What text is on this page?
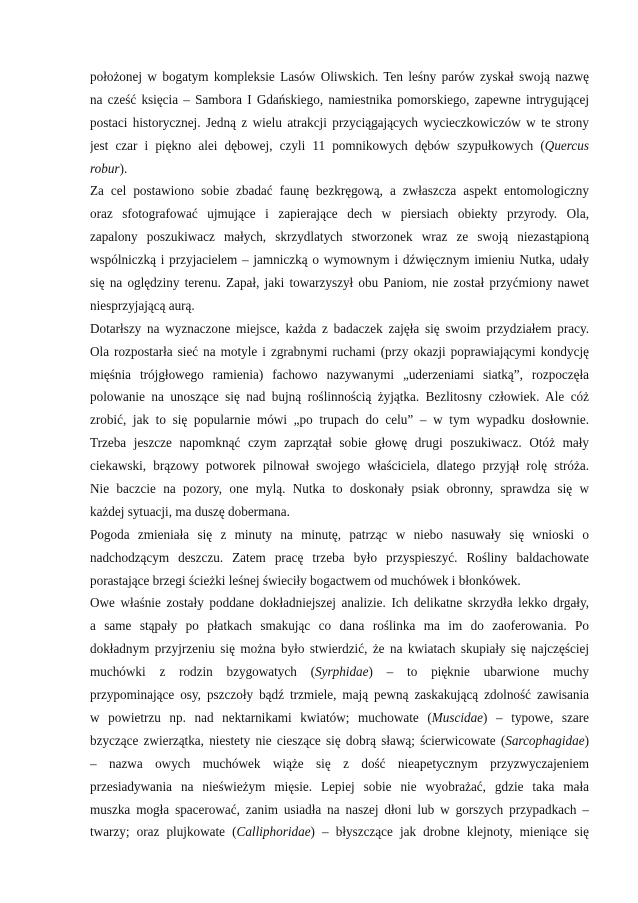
położonej w bogatym kompleksie Lasów Oliwskich. Ten leśny parów zyskał swoją nazwę
na cześć księcia – Sambora I Gdańskiego, namiestnika pomorskiego, zapewne intrygującej
postaci historycznej. Jedną z wielu atrakcji przyciągających wycieczkowiczów w te strony
jest czar i piękno alei dębowej, czyli 11 pomnikowych dębów szypułkowych (Quercus
robur).
Za cel postawiono sobie zbadać faunę bezkręgową, a zwłaszcza aspekt entomologiczny
oraz sfotografować ujmujące i zapierające dech w piersiach obiekty przyrody. Ola,
zapalony poszukiwacz małych, skrzydlatych stworzonek wraz ze swoją niezastąpioną
wspólniczką i przyjacielem – jamniczką o wymownym i dźwięcznym imieniu Nutka, udały
się na oględziny terenu. Zapał, jaki towarzyszył obu Paniom, nie został przyćmiony nawet
niesprzyjającą aurą.
Dotarłszy na wyznaczone miejsce, każda z badaczek zajęła się swoim przydziałem pracy.
Ola rozpostarła sieć na motyle i zgrabnymi ruchami (przy okazji poprawiającymi kondycję
mięśnia trójgłowego ramienia) fachowo nazywanymi „uderzeniami siatką”, rozpoczęła
polowanie na unoszące się nad bujną roślinnością żyjątka. Bezlitosny człowiek. Ale cóż
zrobić, jak to się popularnie mówi „po trupach do celu” – w tym wypadku dosłownie.
Trzeba jeszcze napomknąć czym zaprzątał sobie głowę drugi poszukiwacz. Otóż mały
ciekawski, brązowy potworek pilnował swojego właściciela, dlatego przyjął rolę stróża.
Nie baczcie na pozory, one mylą. Nutka to doskonały psiak obronny, sprawdza się w
każdej sytuacji, ma duszę dobermana.
Pogoda zmieniała się z minuty na minutę, patrząc w niebo nasuwały się wnioski o
nadchodzącym deszczu. Zatem pracę trzeba było przyspieszyć. Rośliny baldachowate
porastające brzegi ścieżki leśnej świeciły bogactwem od muchówek i błonkówek.
Owe właśnie zostały poddane dokładniejszej analizie. Ich delikatne skrzydła lekko drgały,
a same stąpały po płatkach smakując co dana roślinka ma im do zaoferowania. Po
dokładnym przyjrzeniu się można było stwierdzić, że na kwiatach skupiały się najczęściej
muchówki z rodzin bzygowatych (Syrphidae) – to pięknie ubarwione muchy
przypominające osy, pszczoły bądź trzmiele, mają pewną zaskakującą zdolność zawisania
w powietrzu np. nad nektarnikami kwiatów; muchowate (Muscidae) – typowe, szare
bzyczące zwierzątka, niestety nie cieszące się dobrą sławą; ścierwicowate (Sarcophagidae)
– nazwa owych muchówek wiąże się z dość nieapetycznym przyzwyczajeniem
przesiadywania na nieświeżym mięsie. Lepiej sobie nie wyobrażać, gdzie taka mała
muszka mogła spacerować, zanim usiadła na naszej dłoni lub w gorszych przypadkach –
twarzy; oraz plujkowate (Calliphoridae) – błyszczące jak drobne klejnoty, mieniące się
